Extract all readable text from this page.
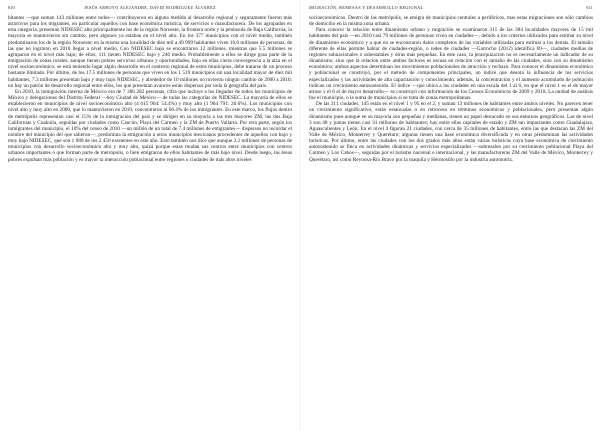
610	JESÚS ARROYO ALEJANDRE, DAVID RODRÍGUEZ ÁLVAREZ

bitantes —que suman 143 millones entre todos— contribuyeron en alguna medida al desarrollo regional y seguramente fueron más atractivos para los migrantes, en particular aquellos con base económica turística, de servicios o manufacturera. De los agrupados en esta categoría, presentan NIDESEC alto principalmente los de la región Noroeste, la frontera norte y la península de Baja California; la mayoría se mantuvieron sin cambio, pero algunos ya estaban en el nivel alto. En los 377 municipios con el nivel medio, también predominaron los de la región Noroeste; en la misma una localidad de diez mil a 49 999 habitantes viven 16.6 millones de personas, de las que no lograron en 2010 llegar a nivel medio. Con NIDESEC bajo se encontraron 12 millones, mientras que 5.5 millones se agruparon en el nivel más bajo; de ellos, 111 tienen NIDESEC bajo y 246 medio. Probablemente a ellos se dirige gran parte de la emigración de zonas rurales, aunque tienen pobres servicios urbanos y oportunidades, bajo en ellas cierta convergencia a la alza en el nivel socioeconómico; se está teniendo lugar algún desarrollo en el contexto regional de estos municipios, debe tratarse de un proceso bastante limitado. Por último, de los 17.5 millones de personas que viven en los 1 519 municipios sin una localidad mayor de diez mil habitantes, 7.3 millones presentan bajo y muy bajo NIDESEC, y alrededor de 10 millones no tuvieron ningún cambio de 2000 a 2010; no hay un patrón de desarrollo regional entre ellos, los que presentan avances están dispersos por toda la geografía del país.

En 2010, la inmigración interna de México era de 7 386 282 personas, cifra que incluye a los llegados de todos los municipios de México y delegaciones del Distrito Federal —hoy Ciudad de México— de todas las categorías de NIDESEC. La mayoría de ellos se establecieron en municipios de nivel socioeconómico alto (4 015 904: 54.4%) y muy alto (1 964 791: 26.6%). Los municipios con nivel alto y muy alto en 2000, que lo mantuvieron en 2010, concentraron al 66.4% de los inmigrantes. En este marco, los flujos dentro de metrópolis representan casi el 15% de la inmigración del país y se dirigen en su mayoría a las tres mayores ZM, las dos Baja Californias y Coahuila, seguidas por ciudades como Cancún, Playa del Carmen y la ZM de Puerto Vallarta. Por otra parte, según los inmigrantes del municipio, el 10% del censo de 2010 —un millón de un total de 7.4 millones de emigrantes— dispersos no recordar el nombre del municipio del que salieron—, predomina la emigración a otros municipios mexicanos procedentes de aquellos con bajo y muy bajo NIDESEC, que son 1 980 de los 2 456 existentes en este año. Esto también nos dice que aunque 3.2 millones de personas de municipios con desarrollo socioeconómico alto y muy alto, quizá porque estas mudan sus centros entre municipios con centros urbanos importantes o que forman parte de metrópolis, o bien emigraron de ellos habitantes de más bajo nivel. Desde luego, las áreas pobres expulsan más población y es mayor la interacción poblacional entre regiones o ciudades de más altos niveles

MIGRACIÓN, REMESAS Y DESARROLLO REGIONAL	611

socioeconómicos. Dentro de las metrópolis, se emigra de municipios centrales a periféricos, mas estas migraciones son sólo cambios de domicilio en la misma zona urbana.

Para conocer la relación entre dinamismo urbano y migración se examinaron 311 de las 384 localidades mayores de 15 mil habitantes del país —en 2010 casi 79 millones de personas viven en ciudades—, debido a los criterios utilizados para estimar su nivel de dinamismo económico y a que no se encontraron datos completos de las variables utilizadas para estimar a los demás. El tamaño diferente de ellas permite hablar de ciudades-región, o redes de ciudades —Garrocho (2012) identifica 69—, ciudades medias de regiones subnacionales o subestatales y otras más pequeñas. En este caso, la jerarquización no es necesariamente un indicador de su dinamismo, sino que la relación entre ambos factores es escasa en relación con el tamaño de las ciudades, sino con su dinamismo económico; ambos aspectos determinan los movimientos poblacionales de atracción y rechazo. Para conocer el dinamismo económico y poblacional se construyó, por el método de componentes principales, un índice que denota la influencia de los servicios especializados y las actividades de alta capacitación y conocimiento; además, la concentración y el aumento acumulado de población indican un crecimiento autosostenido. El índice —que ubica a las ciudades en una escala del 1 al 6, en que el nivel 1 es el de mayor atraso y el 6 el de mayor desarrollo— se construyó con información de los Censos Económicos de 2009 y 2010. La unidad de análisis fue el municipio, o la suma de municipios si se trata de zonas metropolitanas.

De las 311 ciudades, 145 están en el nivel 1 y 95 en el 2, y suman 13 millones de habitantes entre ambos niveles. No parecen tener un crecimiento significativo, están estancadas o en retroceso en términos económicos y poblacionales, pero presentan algún dinamismo pues aunque en su mayoría son pequeñas y medianas, tienen un papel destacado en sus entornos geográficos. Las de nivel 3 son 48 y juntas tienen casi 31 millones de habitantes; hay entre ellas capitales de estado y ZM tan importantes como Guadalajara, Aguascalientes y León. En el nivel 4 figuran 21 ciudades, con cerca de 35 millones de habitantes, entre las que destacan las ZM del Valle de México, Monterrey y Querétaro; algunas tienen una base económica diversificada y en otras predominan las actividades turísticas. Por último, entre las ciudades con los dos grados más altos están varias turísticas cuya base económica de crecimiento autosostenido se finca en actividades dinámicas y servicios especializados —sobresalen por su crecimiento poblacional Playa del Carmen y Los Cabos—, seguidas por el turismo nacional e internacional, y las manufactureras ZM del Valle de México, Monterrey y Querétaro, así como Reynosa-Río Bravo por la maquila y Hermosillo por la industria automotriz.
